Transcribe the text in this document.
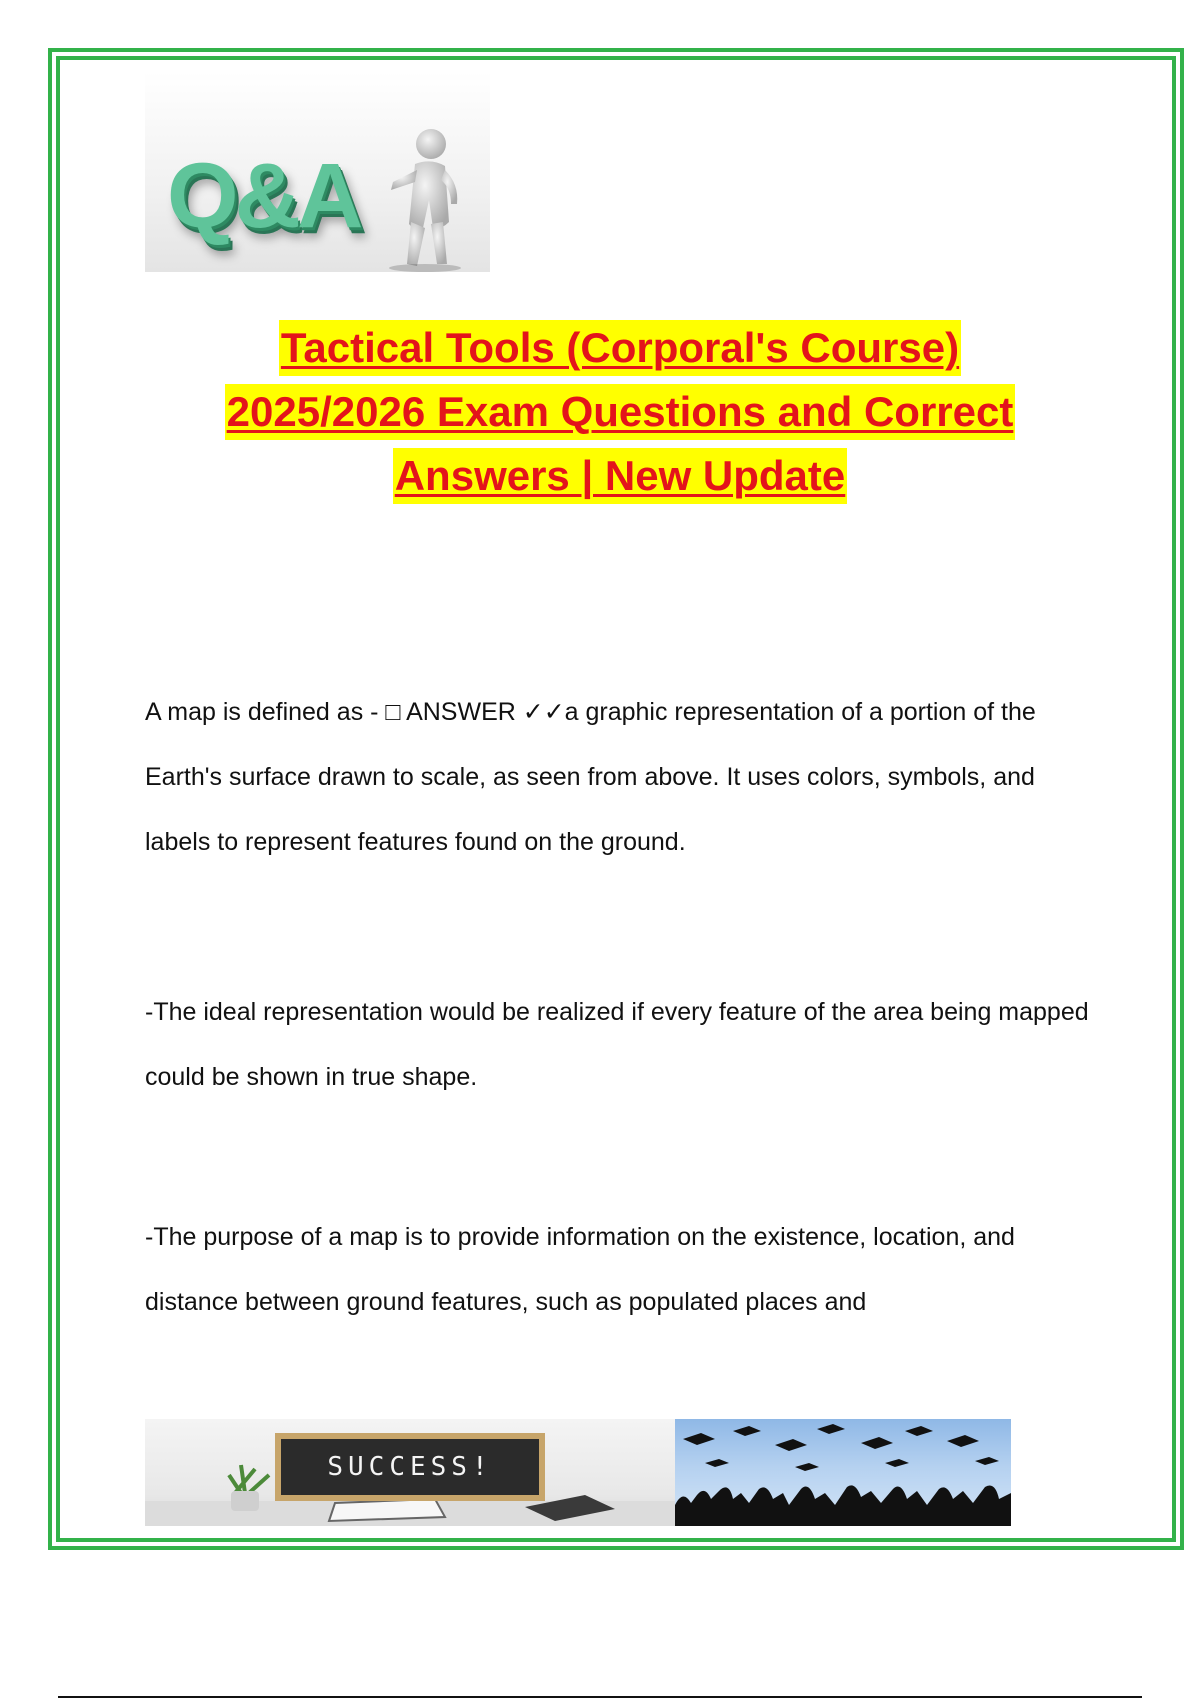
Q&A
Tactical Tools (Corporal's Course)
2025/2026 Exam Questions and Correct
Answers | New Update
A map is defined as - □ ANSWER ✓✓a graphic representation of a portion of the Earth's surface drawn to scale, as seen from above. It uses colors, symbols, and labels to represent features found on the ground.
-The ideal representation would be realized if every feature of the area being mapped could be shown in true shape.
-The purpose of a map is to provide information on the existence, location, and distance between ground features, such as populated places and
SUCCESS!
